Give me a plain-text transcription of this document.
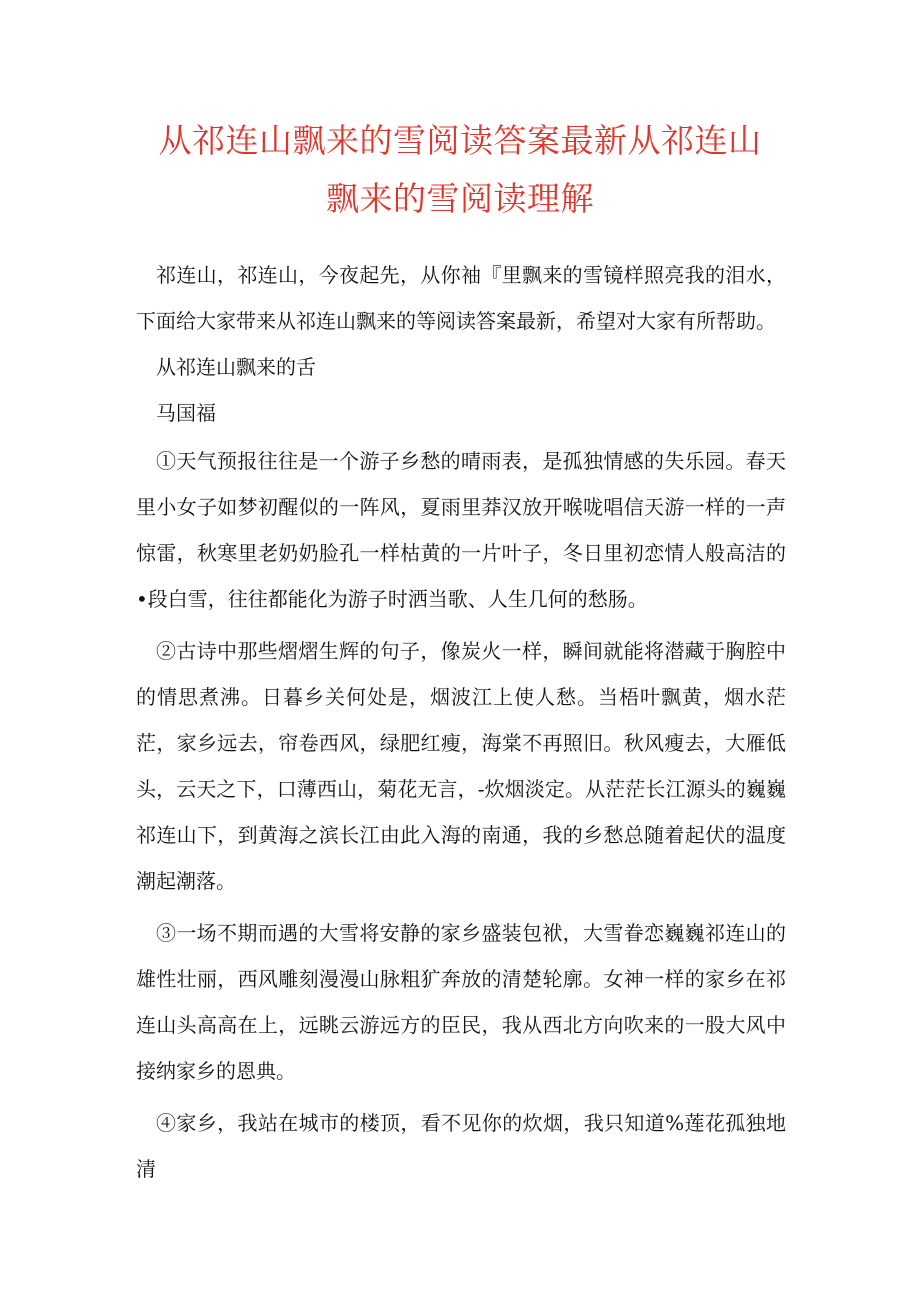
从祁连山飘来的雪阅读答案最新从祁连山
飘来的雪阅读理解

祁连山，祁连山，今夜起先，从你袖『里飘来的雪镜样照亮我的泪水，下面给大家带来从祁连山飘来的等阅读答案最新，希望对大家有所帮助。

从祁连山飘来的舌

马国福

①天气预报往往是一个游子乡愁的晴雨表，是孤独情感的失乐园。春天里小女子如梦初醒似的一阵风，夏雨里莽汉放开喉咙唱信天游一样的一声惊雷，秋寒里老奶奶脸孔一样枯黄的一片叶子，冬日里初恋情人般高洁的•段白雪，往往都能化为游子时洒当歌、人生几何的愁肠。

②古诗中那些熠熠生辉的句子，像炭火一样，瞬间就能将潜藏于胸腔中的情思煮沸。日暮乡关何处是，烟波江上使人愁。当梧叶飘黄，烟水茫茫，家乡远去，帘卷西风，绿肥红瘦，海棠不再照旧。秋风瘦去，大雁低头，云天之下，口薄西山，菊花无言，-炊烟淡定。从茫茫长江源头的巍巍祁连山下，到黄海之滨长江由此入海的南通，我的乡愁总随着起伏的温度潮起潮落。

③一场不期而遇的大雪将安静的家乡盛装包袱，大雪眷恋巍巍祁连山的雄性壮丽，西风雕刻漫漫山脉粗犷奔放的清楚轮廓。女神一样的家乡在祁连山头高高在上，远眺云游远方的臣民，我从西北方向吹来的一股大风中接纳家乡的恩典。

④家乡，我站在城市的楼顶，看不见你的炊烟，我只知道%莲花孤独地清
